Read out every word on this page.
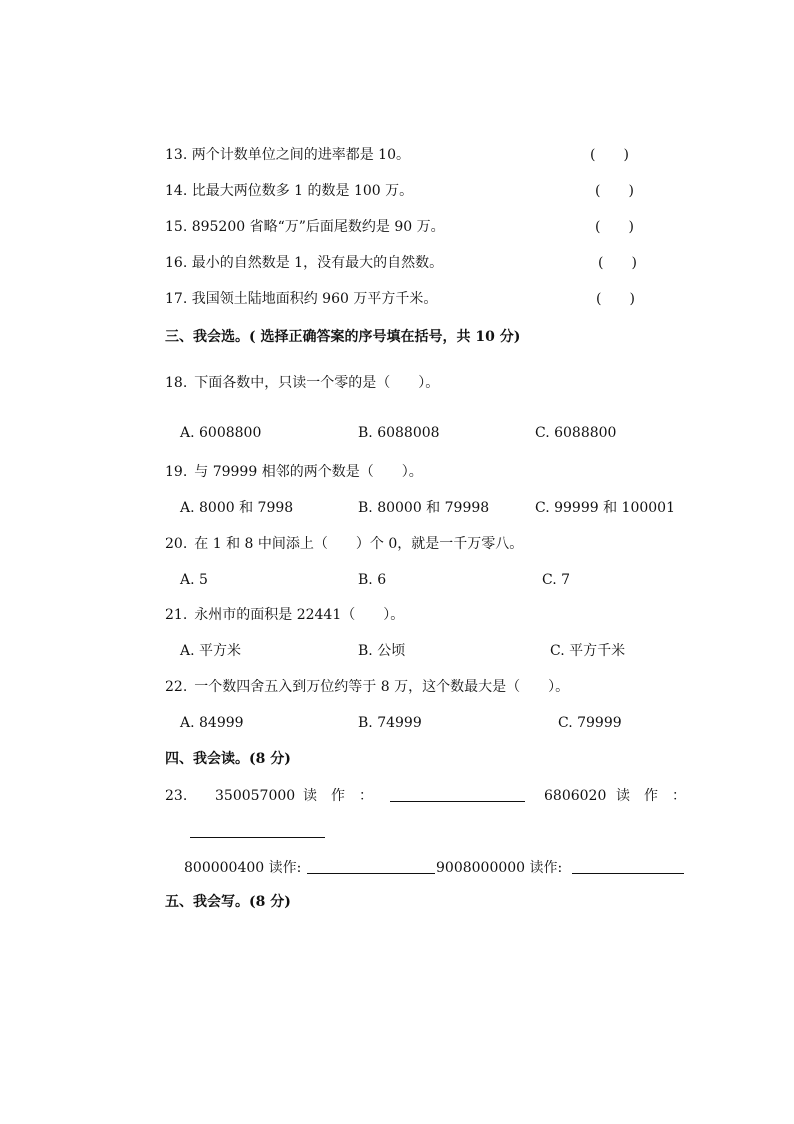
13. 两个计数单位之间的进率都是 10。	(  )
14. 比最大两位数多 1 的数是 100 万。	(  )
15. 895200 省略“万”后面尾数约是 90 万。	(  )
16. 最小的自然数是 1，没有最大的自然数。	(  )
17. 我国领土陆地面积约 960 万平方千米。	(  )
三、我会选。( 选择正确答案的序号填在括号，共 10 分)
18. 下面各数中，只读一个零的是（  ）。
A. 6008800	B. 6088008	C. 6088800
19. 与 79999 相邻的两个数是（  ）。
A. 8000 和 7998	B. 80000 和 79998	C. 99999 和 100001
20. 在 1 和 8 中间添上（  ）个 0，就是一千万零八。
A. 5	B. 6	C. 7
21. 永州市的面积是 22441（  ）。
A. 平方米	B. 公顷	C. 平方千米
22. 一个数四舍五入到万位约等于 8 万，这个数最大是（  ）。
A. 84999	B. 74999	C. 79999
四、我会读。(8 分)
23. 350057000 读 作 ：	6806020 读 作 ：
800000400 读作:	9008000000 读作:
五、我会写。(8 分)
